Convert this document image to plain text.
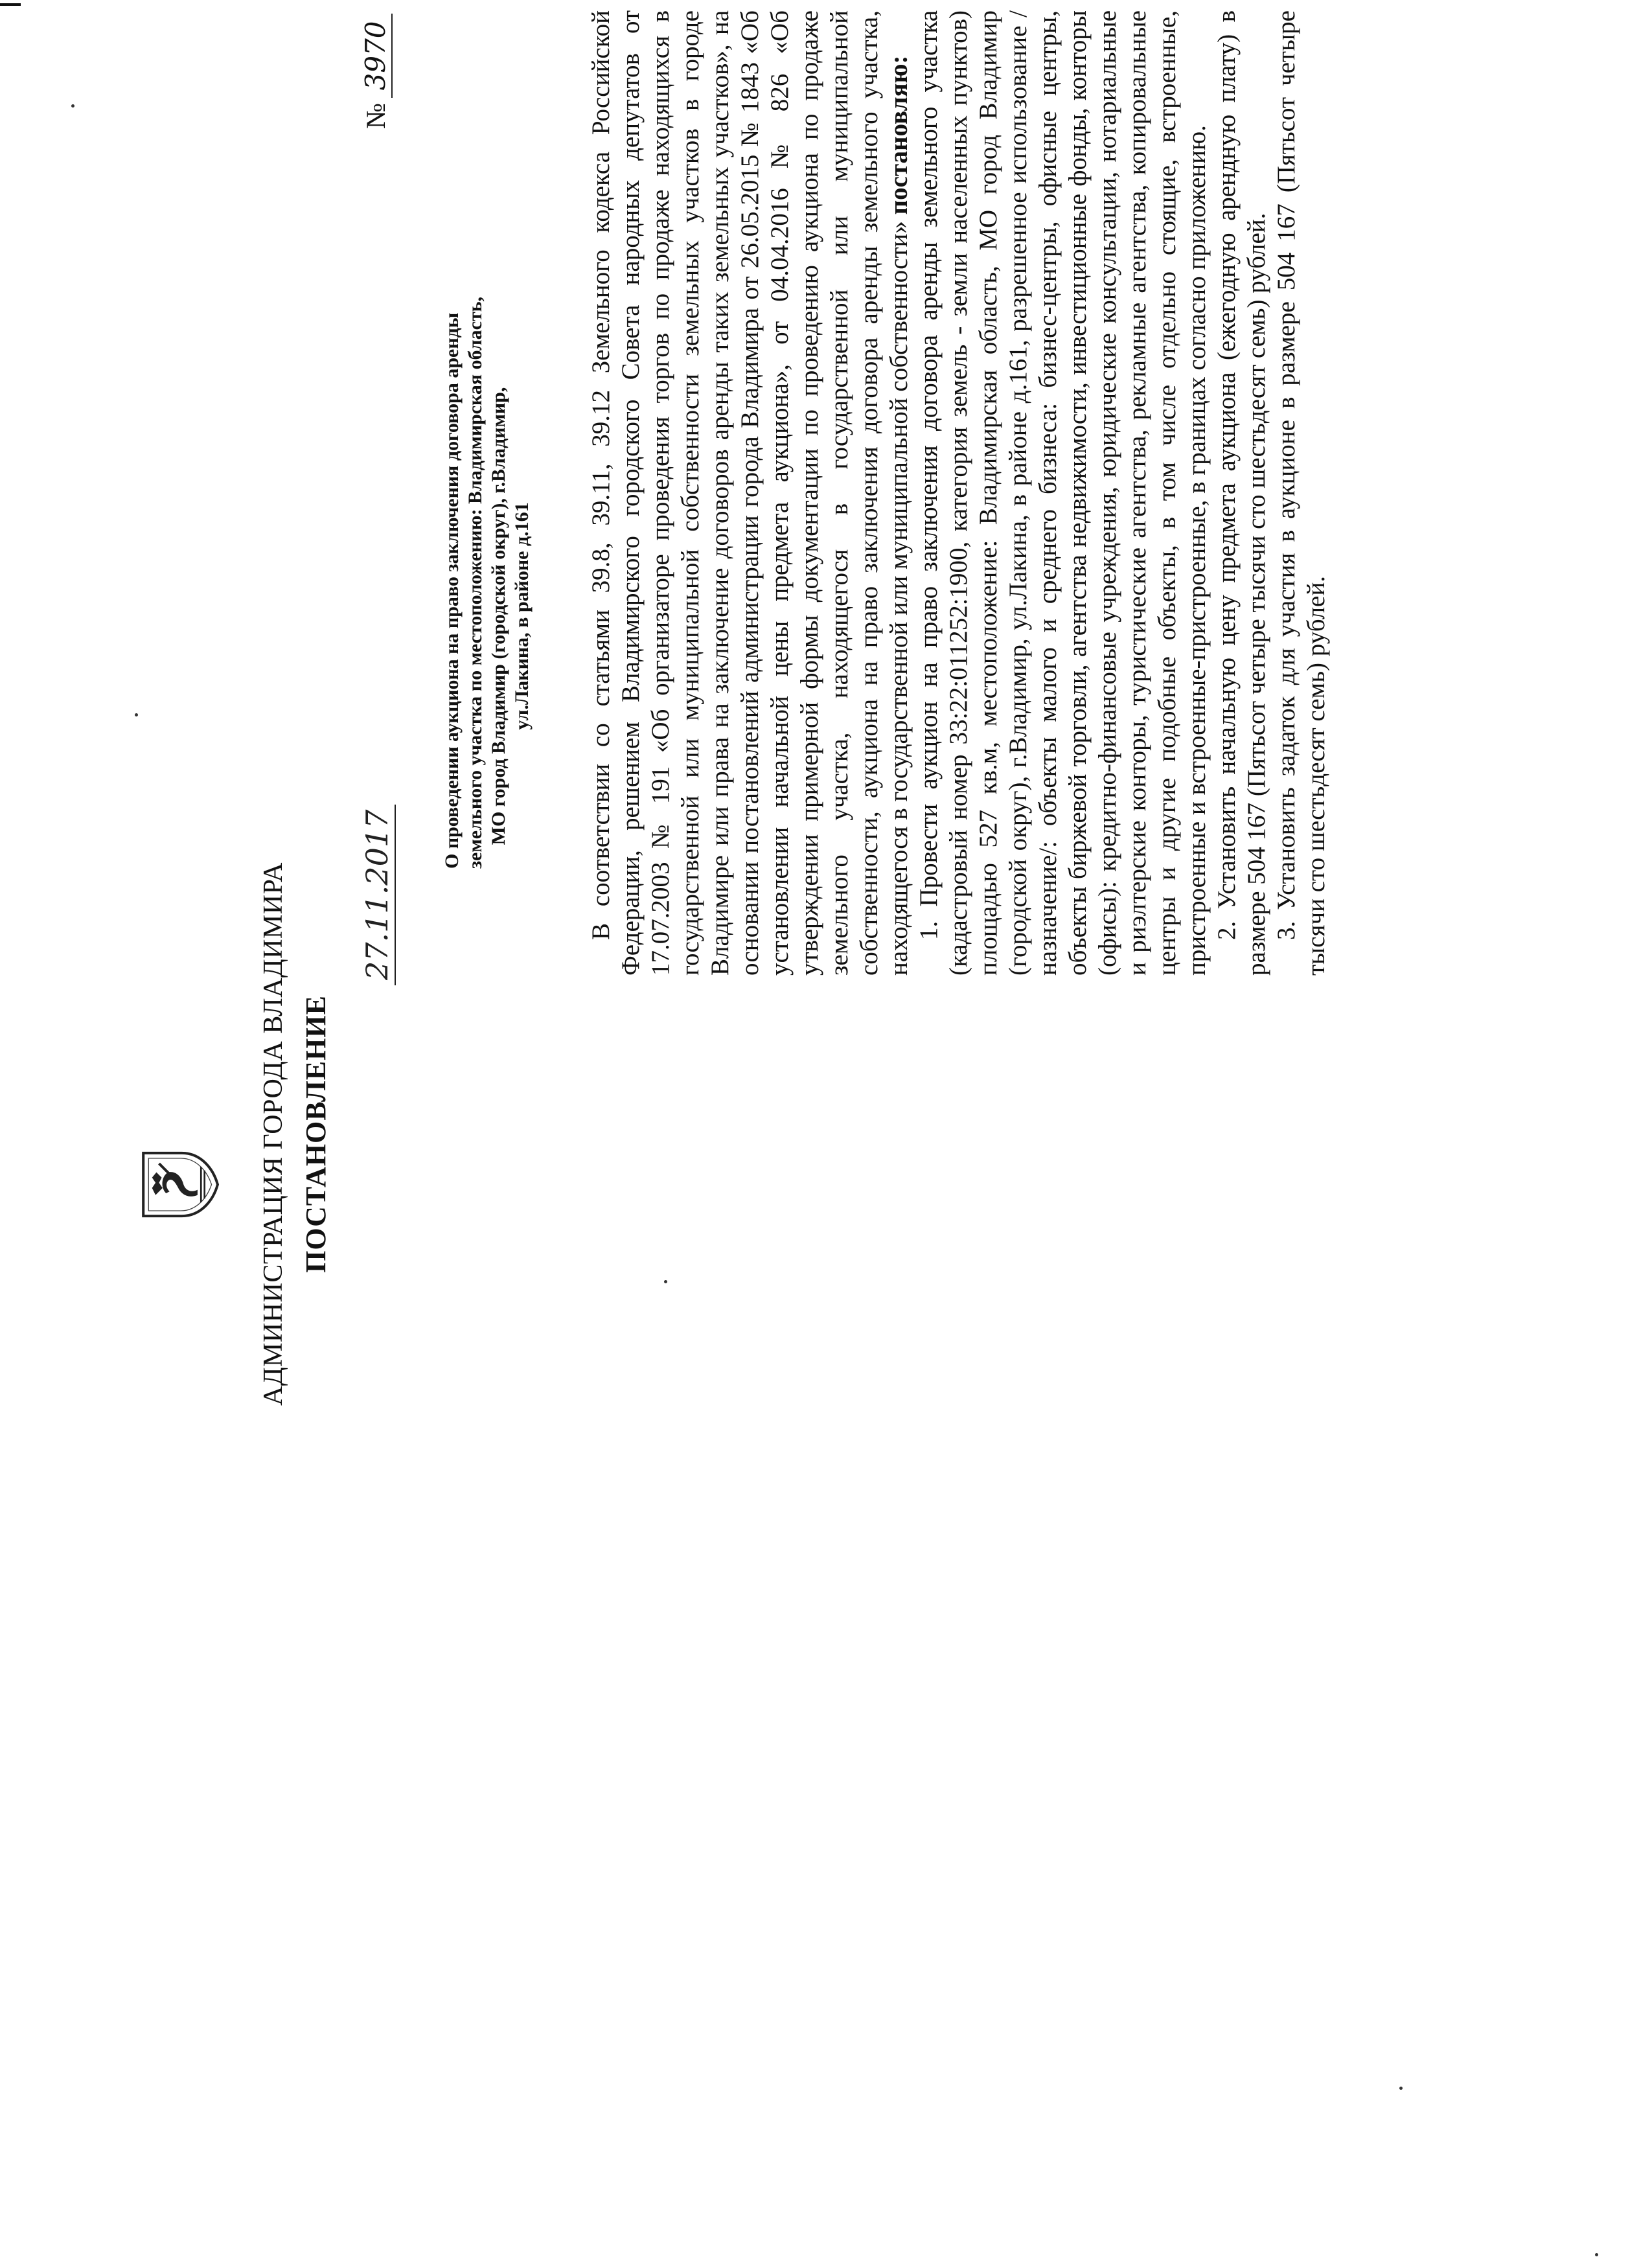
АДМИНИСТРАЦИЯ ГОРОДА ВЛАДИМИРА ПОСТАНОВЛЕНИЕ
27.11.2017
№3970
О проведении аукциона на право заключения договора аренды земельного участка по местоположению: Владимирская область, МО город Владимир (городской округ), г.Владимир, ул.Лакина, в районе д.161 В соответствии со статьями 39.8, 39.11, 39.12 Земельного кодекса Российской Федерации, решением Владимирского городского Совета народных депутатов от 17.07.2003 № 191 «Об организаторе проведения торгов по продаже находящихся в государственной или муниципальной собственности земельных участков в городе Владимире или права на заключение договоров аренды таких земельных участков», на основании постановлений администрации города Владимира от 26.05.2015 № 1843 «Об установлении начальной цены предмета аукциона», от 04.04.2016 № 826 «Об утверждении примерной формы документации по проведению аукциона по продаже земельного участка, находящегося в государственной или муниципальной собственности, аукциона на право заключения договора аренды земельного участка, находящегося в государственной или муниципальной собственности» постановляю: 1. Провести аукцион на право заключения договора аренды земельного участка (кадастровый номер 33:22:011252:1900, категория земель - земли населенных пунктов) площадью 527 кв.м, местоположение: Владимирская область, МО город Владимир (городской округ), г.Владимир, ул.Лакина, в районе д.161, разрешенное использование /назначение/: объекты малого и среднего бизнеса: бизнес-центры, офисные центры, объекты биржевой торговли, агентства недвижимости, инвестиционные фонды, конторы (офисы): кредитно-финансовые учреждения, юридические консультации, нотариальные и риэлтерские конторы, туристические агентства, рекламные агентства, копировальные центры и другие подобные объекты, в том числе отдельно стоящие, встроенные, пристроенные и встроенные-пристроенные, в границах согласно приложению. 2. Установить начальную цену предмета аукциона (ежегодную арендную плату) в размере 504 167 (Пятьсот четыре тысячи сто шестьдесят семь) рублей. 3. Установить задаток для участия в аукционе в размере 504 167 (Пятьсот четыре тысячи сто шестьдесят семь) рублей.
